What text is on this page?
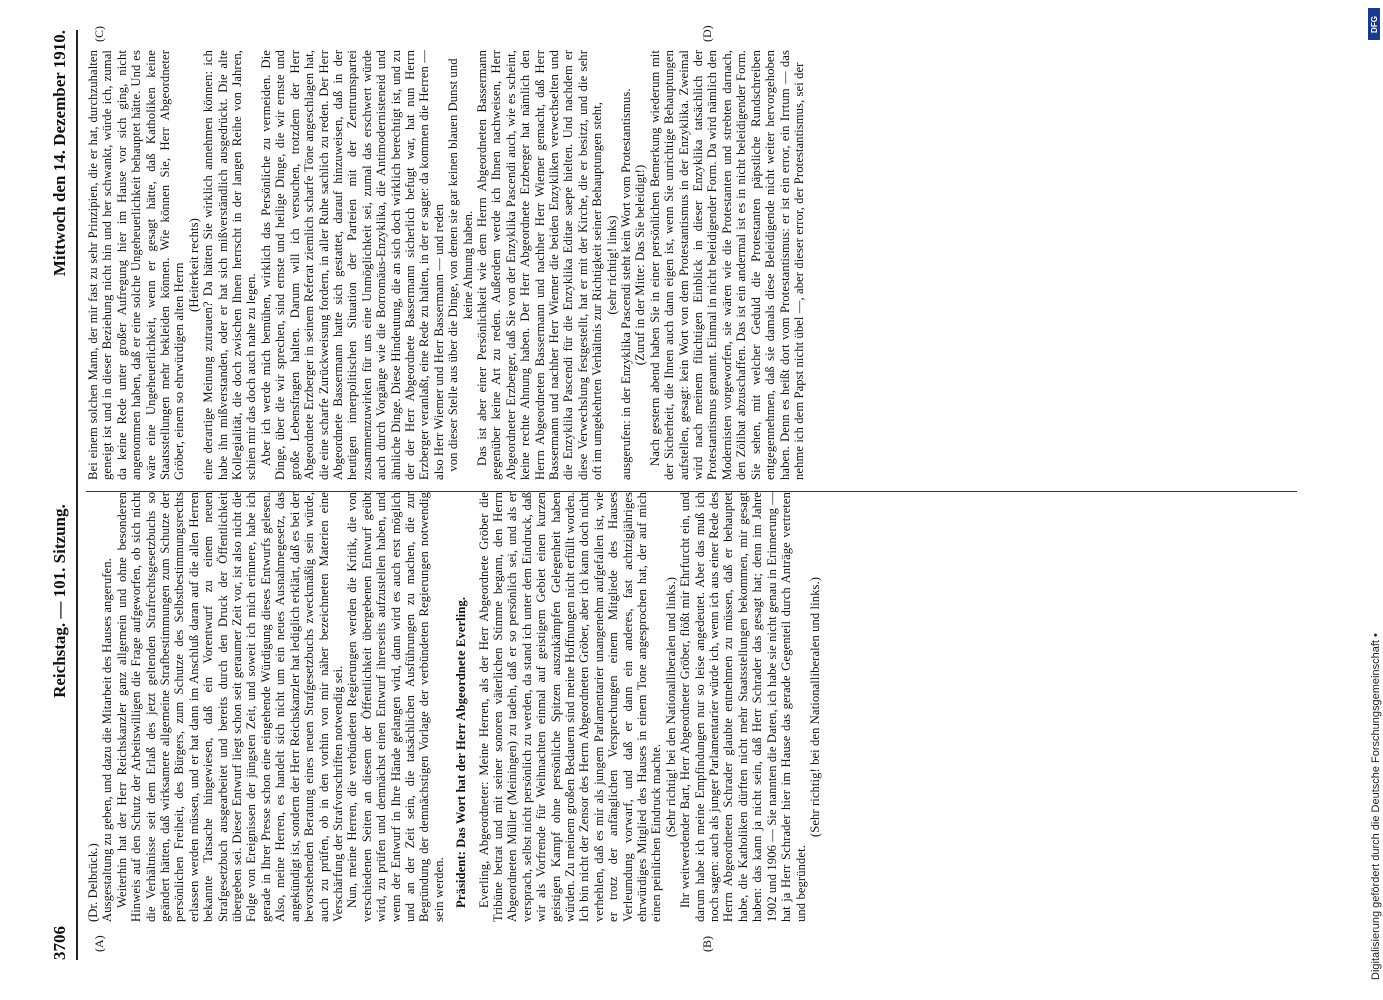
3706
Reichstag. — 101. Sitzung.
Mittwoch den 14. Dezember 1910.
(A)	(B)
(C)	(D)

(Dr. Delbrück.) Ausgestaltung zu geben, und dazu die Mitarbeit des Hauses angerufen. Weiterhin hat der Herr Reichskanzler ganz allgemein und ohne besonderen Hinweis auf den Schutz der Arbeitswilligen die Frage aufgeworfen, ob sich nicht die Verhältnisse seit dem Erlaß des jetzt geltenden Strafrechtsgesetzbuchs so geändert hätten, daß wirksamere allgemeine Strafbestimmungen zum Schutze der persönlichen Freiheit, des Bürgers, zum Schutze des Selbstbestimmungsrechts erlassen werden müssen, und er hat dann im Anschluß daran auf die allen Herren bekannte Tatsache hingewiesen, daß ein Vorentwurf zu einem neuen Strafgesetzbuch ausgearbeitet und bereits durch den Druck der Öffentlichkeit übergeben sei. Dieser Entwurf liegt schon seit geraumer Zeit vor, ist also nicht die Folge von Ereignissen der jüngsten Zeit, und soweit ich mich erinnere, habe ich gerade in Ihrer Presse schon eine eingehende Würdigung dieses Entwurfs gelesen. Also, meine Herren, es handelt sich nicht um ein neues Ausnahmegesetz, das angekündigt ist, sondern der Herr Reichskanzler hat lediglich erklärt, daß es bei der bevorstehenden Beratung eines neuen Strafgesetzbuchs zweckmäßig sein würde, auch zu prüfen, ob in den vorhin von mir näher bezeichneten Materien eine Verschärfung der Strafvorschriften notwendig sei. Nun, meine Herren, die verbündeten Regierungen werden die Kritik, die von verschiedenen Seiten an diesem der Öffentlichkeit übergebenen Entwurf geübt wird, zu prüfen und demnächst einen Entwurf ihrerseits aufzustellen haben, und wenn der Entwurf in Ihre Hände gelangen wird, dann wird es auch erst möglich und an der Zeit sein, die tatsächlichen Ausführungen zu machen, die zur Begründung der demnächstigen Vorlage der verbündeten Regierungen notwendig sein werden. Präsident: Das Wort hat der Herr Abgeordnete Everling. Everling, Abgeordneter: Meine Herren, als der Herr Abgeordnete Gröber die Tribüne betrat und mit seiner sonoren väterlichen Stimme begann, den Herrn Abgeordneten Müller (Meiningen) zu tadeln, daß er so persönlich sei, und als er versprach, selbst nicht persönlich zu werden, da stand ich unter dem Eindruck, daß wir als Vorfrende für Weihnachten einmal auf geistigem Gebiet einen kurzen geistigen Kampf ohne persönliche Spitzen auszukämpfen Gelegenheit haben würden. Zu meinem großen Bedauern sind meine Hoffnungen nicht erfüllt worden. Ich bin nicht der Zensor des Herrn Abgeordneten Gröber, aber ich kann doch nicht verhehlen, daß es mir als jungem Parlamentarier unangenehm aufgefallen ist, wie er trotz der anfänglichen Versprechungen einem Mitgliede des Hauses Verleumdung vorwarf, und daß er dann ein anderes, fast achtzigjähriges ehrwürdiges Mitglied des Hauses in einem Tone angesprochen hat, der auf mich einen peinlichen Eindruck machte. (Sehr richtig! bei den Nationalliberalen und links.) Ihr weitwerdender Bart, Herr Abgeordneter Gröber, flößt mir Ehrfurcht ein, und darum habe ich meine Empfindungen nur so leise angedeutet. Aber das muß ich noch sagen: auch als junger Parlamentarier würde ich, wenn ich aus einer Rede des Herrn Abgeordneten Schrader glaubte entnehmen zu müssen, daß er behauptet habe, die Katholiken dürften nicht mehr Staatsstellungen bekommen, mir gesagt haben: das kann ja nicht sein, daß Herr Schrader das gesagt hat; denn im Jahre 1902 und 1906 — Sie nannten die Daten, ich habe sie nicht genau in Erinnerung — hat ja Herr Schrader hier im Hause das gerade Gegenteil durch Anträge vertreten und begründet.

(Sehr richtig! bei den Nationalliberalen und links.)

Bei einem solchen Mann, der mir fast zu sehr Prinzipien, die er hat, durchzuhalten geneigt ist und in dieser Beziehung nicht hin und her schwankt, würde ich, zumal da keine Rede unter großer Aufregung hier im Hause vor sich ging, nicht angenommen haben, daß er eine solche Ungeheuerlichkeit behauptet hätte. Und es wäre eine Ungeheuerlichkeit, wenn er gesagt hätte, daß Katholiken keine Staatsstellungen mehr bekleiden können. Wie können Sie, Herr Abgeordneter Gröber, einem so ehrwürdigen alten Herrn (Heiterkeit rechts) eine derartige Meinung zutrauen? Da hätten Sie wirklich annehmen können: ich habe ihn mißverstanden, oder er hat sich mißverständlich ausgedrückt. Die alte Kollegialität, die doch zwischen Ihnen herrscht in der langen Reihe von Jahren, schien mir das doch auch nahe zu legen. Aber ich werde mich bemühen, wirklich das Persönliche zu vermeiden. Die Dinge, über die wir sprechen, sind ernste und heilige Dinge, die wir ernste und große Lebensfragen halten. Darum will ich versuchen, trotzdem der Herr Abgeordnete Erzberger in seinem Referat ziemlich scharfe Töne angeschlagen hat, die eine scharfe Zurückweisung fordern, in aller Ruhe sachlich zu reden. Der Herr Abgeordnete Bassermann hatte sich gestattet, darauf hinzuweisen, daß in der heutigen innerpolitischen Situation der Parteien mit der Zentrumspartei zusammenzuwirken für uns eine Unmöglichkeit sei, zumal das erschwert würde auch durch Vorgänge wie die Borromäus-Enzyklika, die Antimodernisteneid und ähnliche Dinge. Diese Hindeutung, die an sich doch wirklich berechtigt ist, und zu der der Herr Abgeordnete Bassermann sicherlich befugt war, hat nun Herrn Erzberger veranlaßt, eine Rede zu halten, in der er sagte: da kommen die Herren — also Herr Wiemer und Herr Bassermann — und reden von dieser Stelle aus über die Dinge, von denen sie gar keinen blauen Dunst und keine Ahnung haben. Das ist aber einer Persönlichkeit wie dem Herrn Abgeordneten Bassermann gegenüber keine Art zu reden. Außerdem werde ich Ihnen nachweisen, Herr Abgeordneter Erzberger, daß Sie von der Enzyklika Pascendi auch, wie es scheint, keine rechte Ahnung haben. Der Herr Abgeordnete Erzberger hat nämlich den Herrn Abgeordneten Bassermann und nachher Herr Wiemer gemacht, daß Herr Bassermann und nachher Herr Wiemer die beiden Enzykliken verwechselten und die Enzyklika Pascendi für die Enzyklika Editae saepe hielten. Und nachdem er diese Verwechslung festgestellt, hat er mit der Kirche, die er besitzt, und die sehr oft im umgekehrten Verhältnis zur Richtigkeit seiner Behauptungen steht, (sehr richtig! links) ausgerufen: in der Enzyklika Pascendi steht kein Wort vom Protestantismus. (Zuruf in der Mitte: Das Sie beleidigt!) Nach gestern abend haben Sie in einer persönlichen Bemerkung wiederum mit der Sicherheit, die Ihnen auch dann eigen ist, wenn Sie unrichtige Behauptungen aufstellen, gesagt: kein Wort von dem Protestantismus in der Enzyklika. Zweimal wird nach meinem flüchtigen Einblick in dieser Enzyklika tatsächlich der Protestantismus genannt. Einmal in nicht beleidigender Form. Da wird nämlich den Modernisten vorgeworfen, sie wären wie die Protestanten und strebten darnach, den Zölibat abzuschaffen. Das ist ein andermal ist es in nicht beleidigender Form. Sie sehen, mit welcher Geduld die Protestanten päpstliche Rundschreiben entgegennehmen, daß sie damals diese Beleidigende nicht weiter hervorgehoben haben. Denn es heißt dort vom Protestantismus: er ist ein error, ein Irrtum — das nehme ich dem Papst nicht übel —, aber dieser error, der Protestantismus, sei der

DFG
Digitalisierung gefördert durch die Deutsche Forschungsgemeinschaft •
